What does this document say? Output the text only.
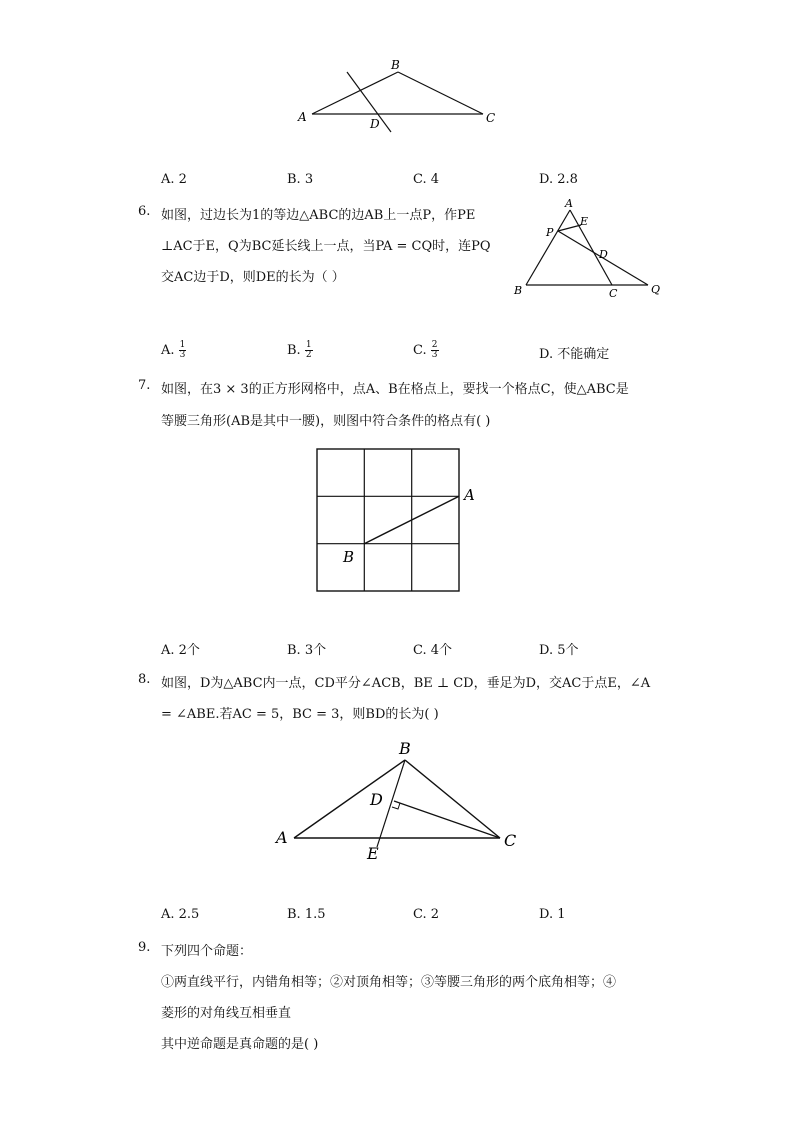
A
B
C
D
A. 2	B. 3	C. 4	D. 2.8
6. 如图，过边长为1的等边△ABC的边AB上一点P，作PE
⊥AC于E，Q为BC延长线上一点，当PA = CQ时，连PQ
交AC边于D，则DE的长为（ ）
A
E
P
D
B	C	Q
A. $\frac{1}{3}$	B. $\frac{1}{2}$	C. $\frac{2}{3}$	D. 不能确定
7. 如图，在3 × 3的正方形网格中，点A、B在格点上，要找一个格点C，使△ABC是
等腰三角形(AB是其中一腰)，则图中符合条件的格点有( )
A
B
A. 2个	B. 3个	C. 4个	D. 5个
8. 如图，D为△ABC内一点，CD平分∠ACB，BE ⊥ CD，垂足为D，交AC于点E，∠A
= ∠ABE.若AC = 5，BC = 3，则BD的长为( )
B
D
A
E
C
A. 2.5	B. 1.5	C. 2	D. 1
9. 下列四个命题：
①两直线平行，内错角相等；②对顶角相等；③等腰三角形的两个底角相等；④
菱形的对角线互相垂直
其中逆命题是真命题的是( )
